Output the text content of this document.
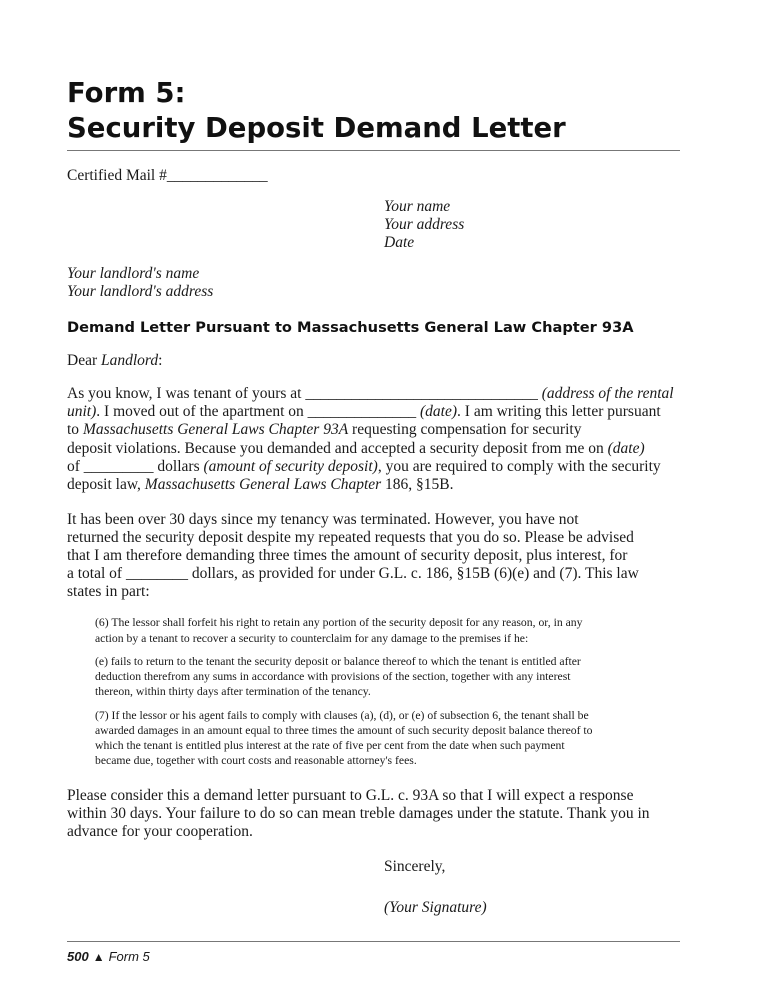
Form 5:
Security Deposit Demand Letter
Certified Mail #_____________
Your name
Your address
Date
Your landlord's name
Your landlord's address
Demand Letter Pursuant to Massachusetts General Law Chapter 93A
Dear Landlord:
As you know, I was tenant of yours at ______________________________ (address of the rental
unit). I moved out of the apartment on ______________ (date). I am writing this letter pursuant
to Massachusetts General Laws Chapter 93A requesting compensation for security
deposit violations. Because you demanded and accepted a security deposit from me on (date)
of _________ dollars (amount of security deposit), you are required to comply with the security
deposit law, Massachusetts General Laws Chapter 186, §15B.
It has been over 30 days since my tenancy was terminated. However, you have not
returned the security deposit despite my repeated requests that you do so. Please be advised
that I am therefore demanding three times the amount of security deposit, plus interest, for
a total of ________ dollars, as provided for under G.L. c. 186, §15B (6)(e) and (7). This law
states in part:
(6) The lessor shall forfeit his right to retain any portion of the security deposit for any reason, or, in any
action by a tenant to recover a security to counterclaim for any damage to the premises if he:
(e) fails to return to the tenant the security deposit or balance thereof to which the tenant is entitled after
deduction therefrom any sums in accordance with provisions of the section, together with any interest
thereon, within thirty days after termination of the tenancy.
(7) If the lessor or his agent fails to comply with clauses (a), (d), or (e) of subsection 6, the tenant shall be
awarded damages in an amount equal to three times the amount of such security deposit balance thereof to
which the tenant is entitled plus interest at the rate of five per cent from the date when such payment
became due, together with court costs and reasonable attorney's fees.
Please consider this a demand letter pursuant to G.L. c. 93A so that I will expect a response
within 30 days. Your failure to do so can mean treble damages under the statute. Thank you in
advance for your cooperation.
Sincerely,
(Your Signature)
500 ▲ Form 5
